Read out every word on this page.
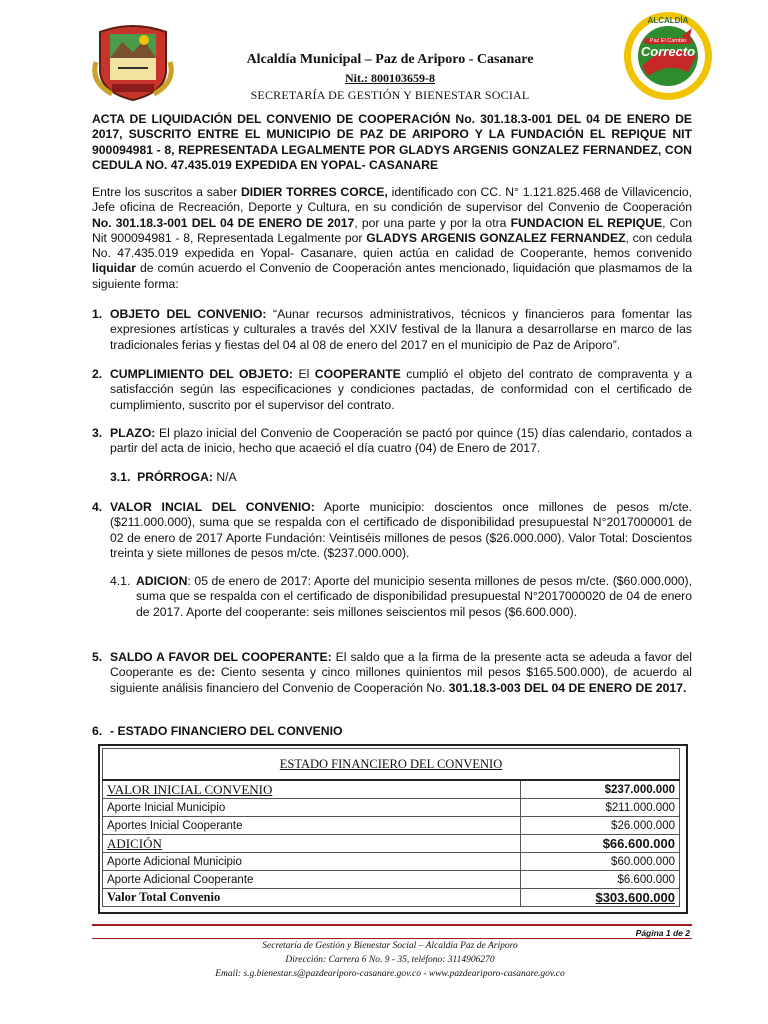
ALCALDÍA
Paz El Cambio
Correcto
Alcaldía Municipal – Paz de Ariporo - Casanare
Nit.: 800103659-8
SECRETARÍA DE GESTIÓN Y BIENESTAR SOCIAL
ACTA DE LIQUIDACIÓN DEL CONVENIO DE COOPERACIÓN No. 301.18.3-001 DEL 04 DE ENERO DE 2017, SUSCRITO ENTRE EL MUNICIPIO DE PAZ DE ARIPORO Y LA FUNDACIÓN EL REPIQUE NIT 900094981 - 8, REPRESENTADA LEGALMENTE POR GLADYS ARGENIS GONZALEZ FERNANDEZ, CON CEDULA NO. 47.435.019 EXPEDIDA EN YOPAL- CASANARE
Entre los suscritos a saber DIDIER TORRES CORCE, identificado con CC. N° 1.121.825.468 de Villavicencio, Jefe oficina de Recreación, Deporte y Cultura, en su condición de supervisor del Convenio de Cooperación No. 301.18.3-001 DEL 04 DE ENERO DE 2017, por una parte y por la otra FUNDACION EL REPIQUE, Con Nit 900094981 - 8, Representada Legalmente por GLADYS ARGENIS GONZALEZ FERNANDEZ, con cedula No. 47.435.019 expedida en Yopal- Casanare, quien actúa en calidad de Cooperante, hemos convenido liquidar de común acuerdo el Convenio de Cooperación antes mencionado, liquidación que plasmamos de la siguiente forma:
1. OBJETO DEL CONVENIO: “Aunar recursos administrativos, técnicos y financieros para fomentar las expresiones artísticas y culturales a través del XXIV festival de la llanura a desarrollarse en marco de las tradicionales ferias y fiestas del 04 al 08 de enero del 2017 en el municipio de Paz de Ariporo”.
2. CUMPLIMIENTO DEL OBJETO: El COOPERANTE cumplió el objeto del contrato de compraventa y a satisfacción según las especificaciones y condiciones pactadas, de conformidad con el certificado de cumplimiento, suscrito por el supervisor del contrato.
3. PLAZO: El plazo inicial del Convenio de Cooperación se pactó por quince (15) días calendario, contados a partir del acta de inicio, hecho que acaeció el día cuatro (04) de Enero de 2017.
3.1. PRÓRROGA: N/A
4. VALOR INCIAL DEL CONVENIO: Aporte municipio: doscientos once millones de pesos m/cte. ($211.000.000), suma que se respalda con el certificado de disponibilidad presupuestal N°2017000001 de 02 de enero de 2017 Aporte Fundación: Veintiséis millones de pesos ($26.000.000). Valor Total: Doscientos treinta y siete millones de pesos m/cte. ($237.000.000).
4.1. ADICION: 05 de enero de 2017: Aporte del municipio sesenta millones de pesos m/cte. ($60.000.000), suma que se respalda con el certificado de disponibilidad presupuestal N°2017000020 de 04 de enero de 2017. Aporte del cooperante: seis millones seiscientos mil pesos ($6.600.000).
5. SALDO A FAVOR DEL COOPERANTE: El saldo que a la firma de la presente acta se adeuda a favor del Cooperante es de: Ciento sesenta y cinco millones quinientos mil pesos $165.500.000), de acuerdo al siguiente análisis financiero del Convenio de Cooperación No. 301.18.3-003 DEL 04 DE ENERO DE 2017.
6. - ESTADO FINANCIERO DEL CONVENIO
ESTADO FINANCIERO DEL CONVENIO	
VALOR INICIAL CONVENIO	$237.000.000
Aporte Inicial Municipio	$211.000.000
Aportes Inicial Cooperante	$26.000.000
ADICIÓN	$66.600.000
Aporte Adicional Municipio	$60.000.000
Aporte Adicional Cooperante	$6.600.000
Valor Total Convenio	$303.600.000
Página 1 de 2
Secretaría de Gestión y Bienestar Social – Alcaldía Paz de Ariporo
Dirección: Carrera 6 No. 9 - 35, teléfono: 3114906270
Email: s.g.bienestar.s@pazdeariporo-casanare.gov.co - www.pazdeariporo-casanare.gov.co
